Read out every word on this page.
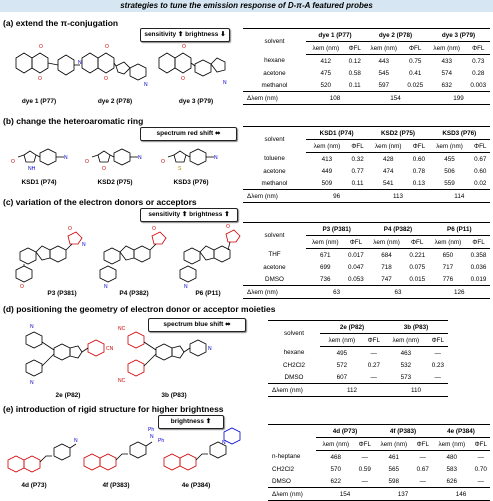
strategies to tune the emission response of D-π-A featured probes
(a) extend the π-conjugation
sensitivity ⬆ brightness ⬇
O
O
N
dye 1 (P77)
O
O
N
dye 2 (P78)
O
O
N
dye 3 (P79)
solvent	dye 1 (P77)		dye 2 (P78)		dye 3 (P79)	
	λem (nm)	ΦFL	λem (nm)	ΦFL	λem (nm)	ΦFL
hexane	412	0.12	443	0.75	433	0.73
acetone	475	0.58	545	0.41	574	0.28
methanol	520	0.11	597	0.025	632	0.003
Δλem (nm)	108		154		199	
(b) change the heteroaromatic ring
spectrum red shift ⬌
O
NH
N
KSD1 (P74)
O
O
N
KSD2 (P75)
O
S
N
KSD3 (P76)
solvent	KSD1 (P74)		KSD2 (P75)		KSD3 (P76)	
	λem (nm)	ΦFL	λem (nm)	ΦFL	λem (nm)	ΦFL
toluene	413	0.32	428	0.60	455	0.67
acetone	449	0.77	474	0.78	506	0.60
methanol	509	0.11	541	0.13	559	0.02
Δλem (nm)	96		113		114	
(c) variation of the electron donors or acceptors
sensitivity ⬆ brightness ⬆
O
N
O
P3 (P381)
O
N
P4 (P382)
O
N
P6 (P11)
solvent	P3 (P381)		P4 (P382)		P6 (P11)	
	λem (nm)	ΦFL	λem (nm)	ΦFL	λem (nm)	ΦFL
THF	671	0.017	684	0.221	650	0.358
acetone	699	0.047	718	0.075	717	0.036
DMSO	736	0.053	747	0.015	776	0.019
Δλem (nm)	63		63		126	
(d) positioning the geometry of electron donor or acceptor moieties
spectrum blue shift ⬌
N
N
CN
2e (P82)
NC
NC
N
3b (P83)
solvent	2e (P82)		3b (P83)	
	λem (nm)	ΦFL	λem (nm)	ΦFL
hexane	495	—	463	—
CH2Cl2	572	0.27	532	0.23
DMSO	607	—	573	—
Δλem (nm)	112		110	
(e) introduction of rigid structure for higher brightness
brightness ⬆
N
4d (P73)
N
Ph
Ph
4f (P383)
N
4e (P384)
	4d (P73)		4f (P383)		4e (P384)	
	λem (nm)	ΦFL	λem (nm)	ΦFL	λem (nm)	ΦFL
n-heptane	468	—	461	—	480	—
CH2Cl2	570	0.59	565	0.67	583	0.70
DMSO	622	—	598	—	626	—
Δλem (nm)	154		137		146	
